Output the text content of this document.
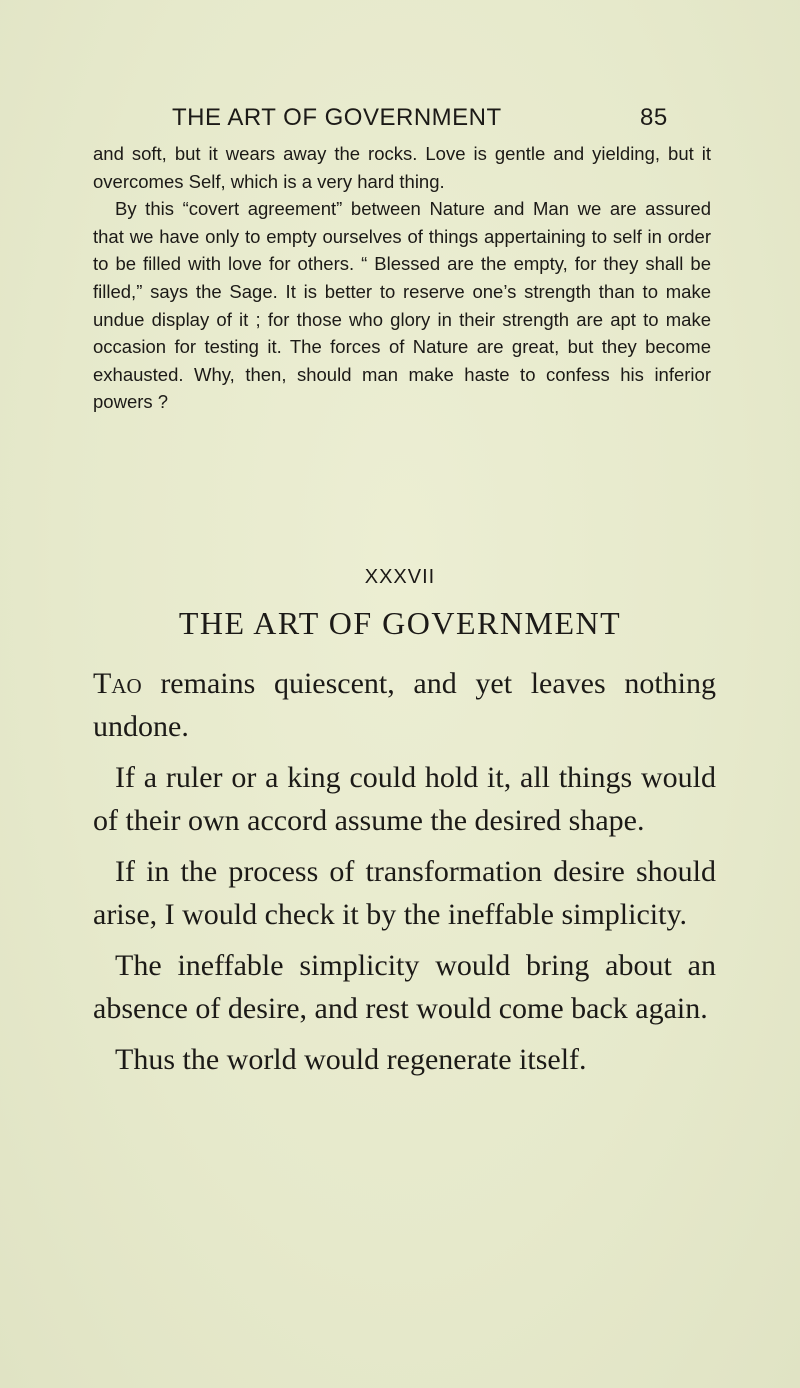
THE ART OF GOVERNMENT	85

and soft, but it wears away the rocks. Love is gentle and yielding, but it overcomes Self, which is a very hard thing.

By this “covert agreement” between Nature and Man we are assured that we have only to empty ourselves of things appertaining to self in order to be filled with love for others. “ Blessed are the empty, for they shall be filled,” says the Sage. It is better to reserve one’s strength than to make undue display of it ; for those who glory in their strength are apt to make occasion for testing it. The forces of Nature are great, but they become exhausted. Why, then, should man make haste to confess his inferior powers ?

XXXVII
THE ART OF GOVERNMENT

Tao remains quiescent, and yet leaves nothing undone.

If a ruler or a king could hold it, all things would of their own accord assume the desired shape.

If in the process of transformation desire should arise, I would check it by the ineffable simplicity.

The ineffable simplicity would bring about an absence of desire, and rest would come back again.

Thus the world would regenerate itself.
